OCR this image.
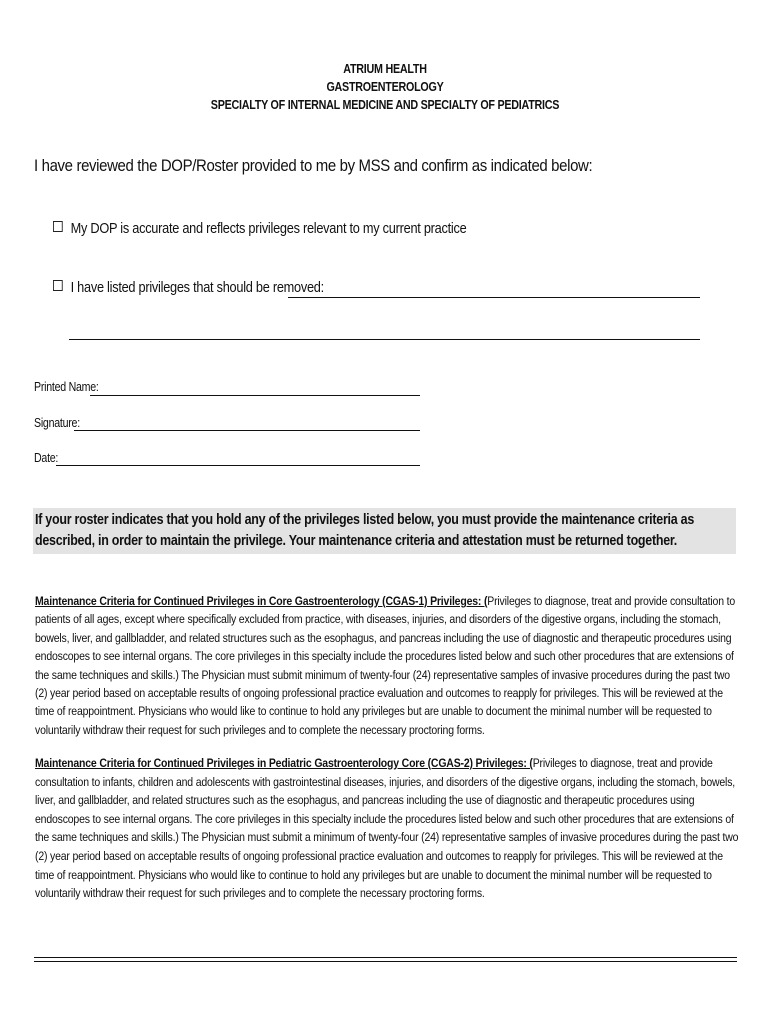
ATRIUM HEALTH
GASTROENTEROLOGY
SPECIALTY OF INTERNAL MEDICINE AND SPECIALTY OF PEDIATRICS
I have reviewed the DOP/Roster provided to me by MSS and confirm as indicated below:
My DOP is accurate and reflects privileges relevant to my current practice
I have listed privileges that should be removed:
Printed Name:
Signature:
Date:
If your roster indicates that you hold any of the privileges listed below, you must provide the maintenance criteria as described, in order to maintain the privilege. Your maintenance criteria and attestation must be returned together.
Maintenance Criteria for Continued Privileges in Core Gastroenterology (CGAS-1) Privileges: (Privileges to diagnose, treat and provide consultation to patients of all ages, except where specifically excluded from practice, with diseases, injuries, and disorders of the digestive organs, including the stomach, bowels, liver, and gallbladder, and related structures such as the esophagus, and pancreas including the use of diagnostic and therapeutic procedures using endoscopes to see internal organs. The core privileges in this specialty include the procedures listed below and such other procedures that are extensions of the same techniques and skills.) The Physician must submit minimum of twenty-four (24) representative samples of invasive procedures during the past two (2) year period based on acceptable results of ongoing professional practice evaluation and outcomes to reapply for privileges. This will be reviewed at the time of reappointment. Physicians who would like to continue to hold any privileges but are unable to document the minimal number will be requested to voluntarily withdraw their request for such privileges and to complete the necessary proctoring forms.
Maintenance Criteria for Continued Privileges in Pediatric Gastroenterology Core (CGAS-2) Privileges: (Privileges to diagnose, treat and provide consultation to infants, children and adolescents with gastrointestinal diseases, injuries, and disorders of the digestive organs, including the stomach, bowels, liver, and gallbladder, and related structures such as the esophagus, and pancreas including the use of diagnostic and therapeutic procedures using endoscopes to see internal organs. The core privileges in this specialty include the procedures listed below and such other procedures that are extensions of the same techniques and skills.) The Physician must submit a minimum of twenty-four (24) representative samples of invasive procedures during the past two (2) year period based on acceptable results of ongoing professional practice evaluation and outcomes to reapply for privileges. This will be reviewed at the time of reappointment. Physicians who would like to continue to hold any privileges but are unable to document the minimal number will be requested to voluntarily withdraw their request for such privileges and to complete the necessary proctoring forms.
